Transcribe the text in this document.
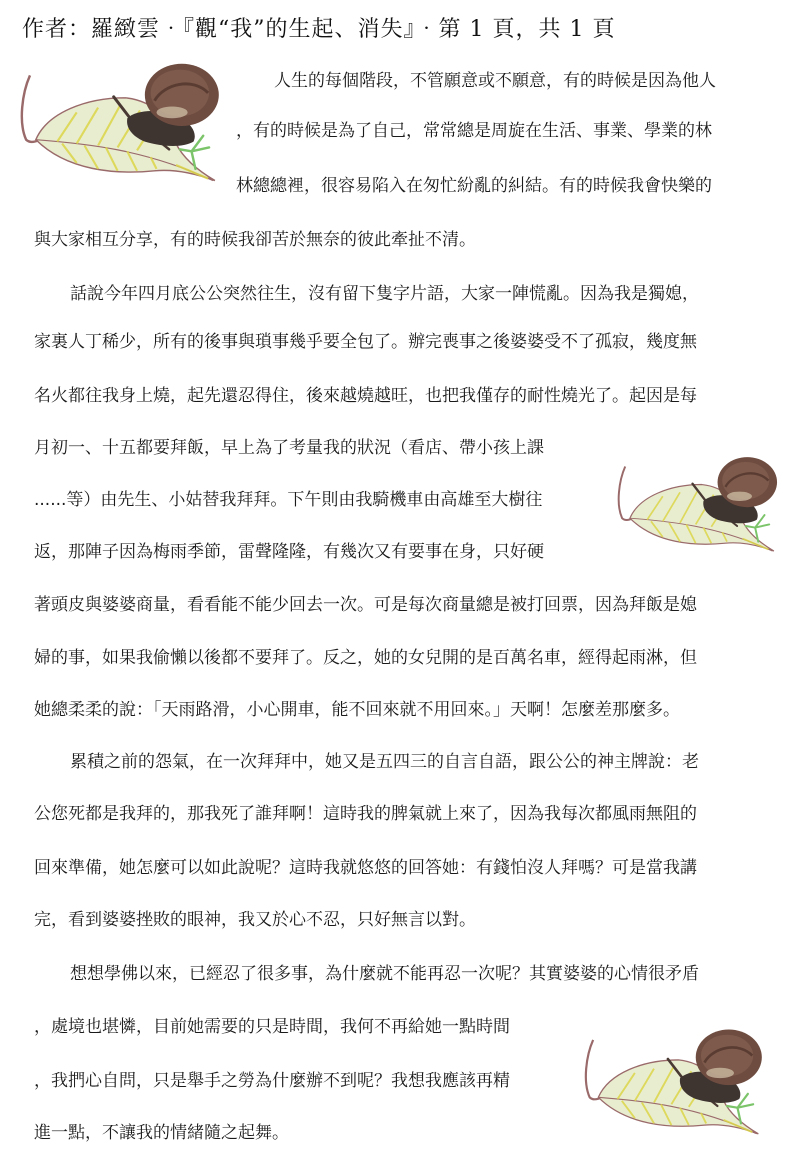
作者：羅緻雲‧『觀“我”的生起、消失』‧第 1 頁，共 1 頁
人生的每個階段，不管願意或不願意，有的時候是因為他人
，有的時候是為了自己，常常總是周旋在生活、事業、學業的林
林總總裡，很容易陷入在匆忙紛亂的糾結。有的時候我會快樂的
與大家相互分享，有的時候我卻苦於無奈的彼此牽扯不清。
話說今年四月底公公突然往生，沒有留下隻字片語，大家一陣慌亂。因為我是獨媳，
家裏人丁稀少，所有的後事與瑣事幾乎要全包了。辦完喪事之後婆婆受不了孤寂，幾度無
名火都往我身上燒，起先還忍得住，後來越燒越旺，也把我僅存的耐性燒光了。起因是每
月初一、十五都要拜飯，早上為了考量我的狀況（看店、帶小孩上課
......等）由先生、小姑替我拜拜。下午則由我騎機車由高雄至大樹往
返，那陣子因為梅雨季節，雷聲隆隆，有幾次又有要事在身，只好硬
著頭皮與婆婆商量，看看能不能少回去一次。可是每次商量總是被打回票，因為拜飯是媳
婦的事，如果我偷懶以後都不要拜了。反之，她的女兒開的是百萬名車，經得起雨淋，但
她總柔柔的說：「天雨路滑，小心開車，能不回來就不用回來。」天啊！怎麼差那麼多。
累積之前的怨氣，在一次拜拜中，她又是五四三的自言自語，跟公公的神主牌說：老
公您死都是我拜的，那我死了誰拜啊！這時我的脾氣就上來了，因為我每次都風雨無阻的
回來準備，她怎麼可以如此說呢？這時我就悠悠的回答她：有錢怕沒人拜嗎？可是當我講
完，看到婆婆挫敗的眼神，我又於心不忍，只好無言以對。
想想學佛以來，已經忍了很多事，為什麼就不能再忍一次呢？其實婆婆的心情很矛盾
，處境也堪憐，目前她需要的只是時間，我何不再給她一點時間
，我捫心自問，只是舉手之勞為什麼辦不到呢？我想我應該再精
進一點，不讓我的情緒隨之起舞。
